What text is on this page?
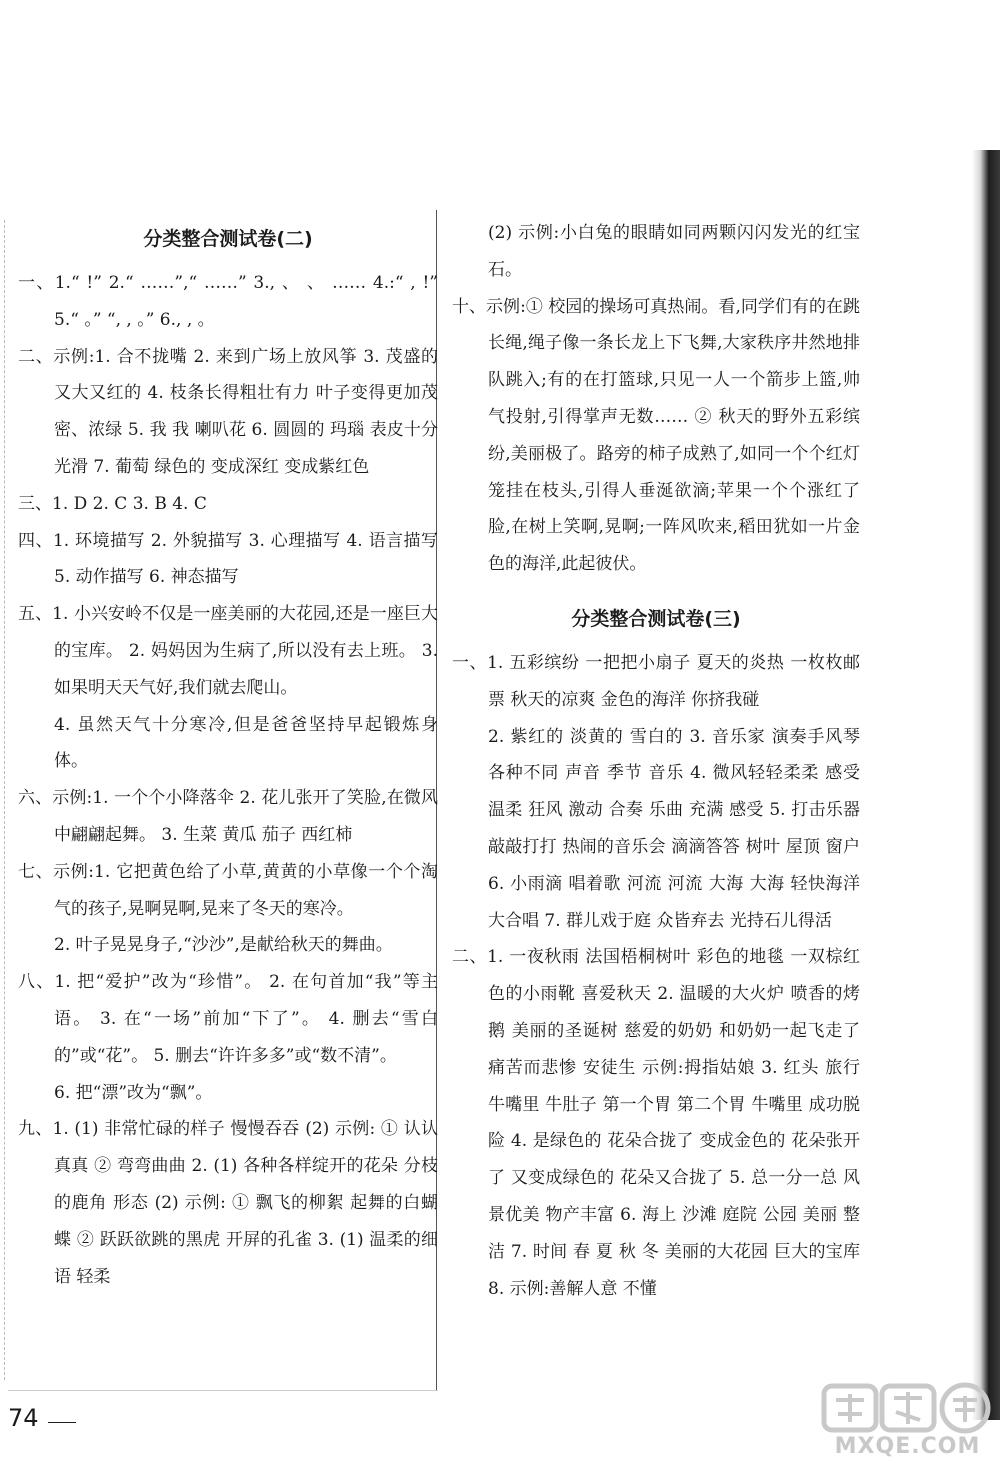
分类整合测试卷(二)
一、1.“ !” 2.“ ……”,“ ……” 3., 、 、 …… 4.:“ , !” 5.“ 。” “, , 。” 6., , 。
二、示例:1. 合不拢嘴 2. 来到广场上放风筝 3. 茂盛的 又大又红的 4. 枝条长得粗壮有力 叶子变得更加茂密、浓绿 5. 我 我 喇叭花 6. 圆圆的 玛瑙 表皮十分光滑 7. 葡萄 绿色的 变成深红 变成紫红色
三、1. D 2. C 3. B 4. C
四、1. 环境描写 2. 外貌描写 3. 心理描写 4. 语言描写 5. 动作描写 6. 神态描写
五、1. 小兴安岭不仅是一座美丽的大花园,还是一座巨大的宝库。 2. 妈妈因为生病了,所以没有去上班。 3. 如果明天天气好,我们就去爬山。
4. 虽然天气十分寒冷,但是爸爸坚持早起锻炼身体。
六、示例:1. 一个个小降落伞 2. 花儿张开了笑脸,在微风中翩翩起舞。 3. 生菜 黄瓜 茄子 西红柿
七、示例:1. 它把黄色给了小草,黄黄的小草像一个个淘气的孩子,晃啊晃啊,晃来了冬天的寒冷。
2. 叶子晃晃身子,“沙沙”,是献给秋天的舞曲。
八、1. 把“爱护”改为“珍惜”。 2. 在句首加“我”等主语。 3. 在“一场”前加“下了”。 4. 删去“雪白的”或“花”。 5. 删去“许许多多”或“数不清”。
6. 把“漂”改为“飘”。
九、1. (1) 非常忙碌的样子 慢慢吞吞 (2) 示例: ① 认认真真 ② 弯弯曲曲 2. (1) 各种各样绽开的花朵 分枝的鹿角 形态 (2) 示例: ① 飘飞的柳絮 起舞的白蝴蝶 ② 跃跃欲跳的黑虎 开屏的孔雀 3. (1) 温柔的细语 轻柔
(2) 示例:小白兔的眼睛如同两颗闪闪发光的红宝石。
十、示例:① 校园的操场可真热闹。看,同学们有的在跳长绳,绳子像一条长龙上下飞舞,大家秩序井然地排队跳入;有的在打篮球,只见一人一个箭步上篮,帅气投射,引得掌声无数…… ② 秋天的野外五彩缤纷,美丽极了。路旁的柿子成熟了,如同一个个红灯笼挂在枝头,引得人垂涎欲滴;苹果一个个涨红了脸,在树上笑啊,晃啊;一阵风吹来,稻田犹如一片金色的海洋,此起彼伏。
分类整合测试卷(三)
一、1. 五彩缤纷 一把把小扇子 夏天的炎热 一枚枚邮票 秋天的凉爽 金色的海洋 你挤我碰
2. 紫红的 淡黄的 雪白的 3. 音乐家 演奏手风琴 各种不同 声音 季节 音乐 4. 微风轻轻柔柔 感受 温柔 狂风 激动 合奏 乐曲 充满 感受 5. 打击乐器 敲敲打打 热闹的音乐会 滴滴答答 树叶 屋顶 窗户 6. 小雨滴 唱着歌 河流 河流 大海 大海 轻快海洋大合唱 7. 群儿戏于庭 众皆弃去 光持石儿得活
二、1. 一夜秋雨 法国梧桐树叶 彩色的地毯 一双棕红色的小雨靴 喜爱秋天 2. 温暖的大火炉 喷香的烤鹅 美丽的圣诞树 慈爱的奶奶 和奶奶一起飞走了 痛苦而悲惨 安徒生 示例:拇指姑娘 3. 红头 旅行 牛嘴里 牛肚子 第一个胃 第二个胃 牛嘴里 成功脱险 4. 是绿色的 花朵合拢了 变成金色的 花朵张开了 又变成绿色的 花朵又合拢了 5. 总一分一总 风景优美 物产丰富 6. 海上 沙滩 庭院 公园 美丽 整洁 7. 时间 春 夏 秋 冬 美丽的大花园 巨大的宝库 8. 示例:善解人意 不懂
74
MXQE.COM
